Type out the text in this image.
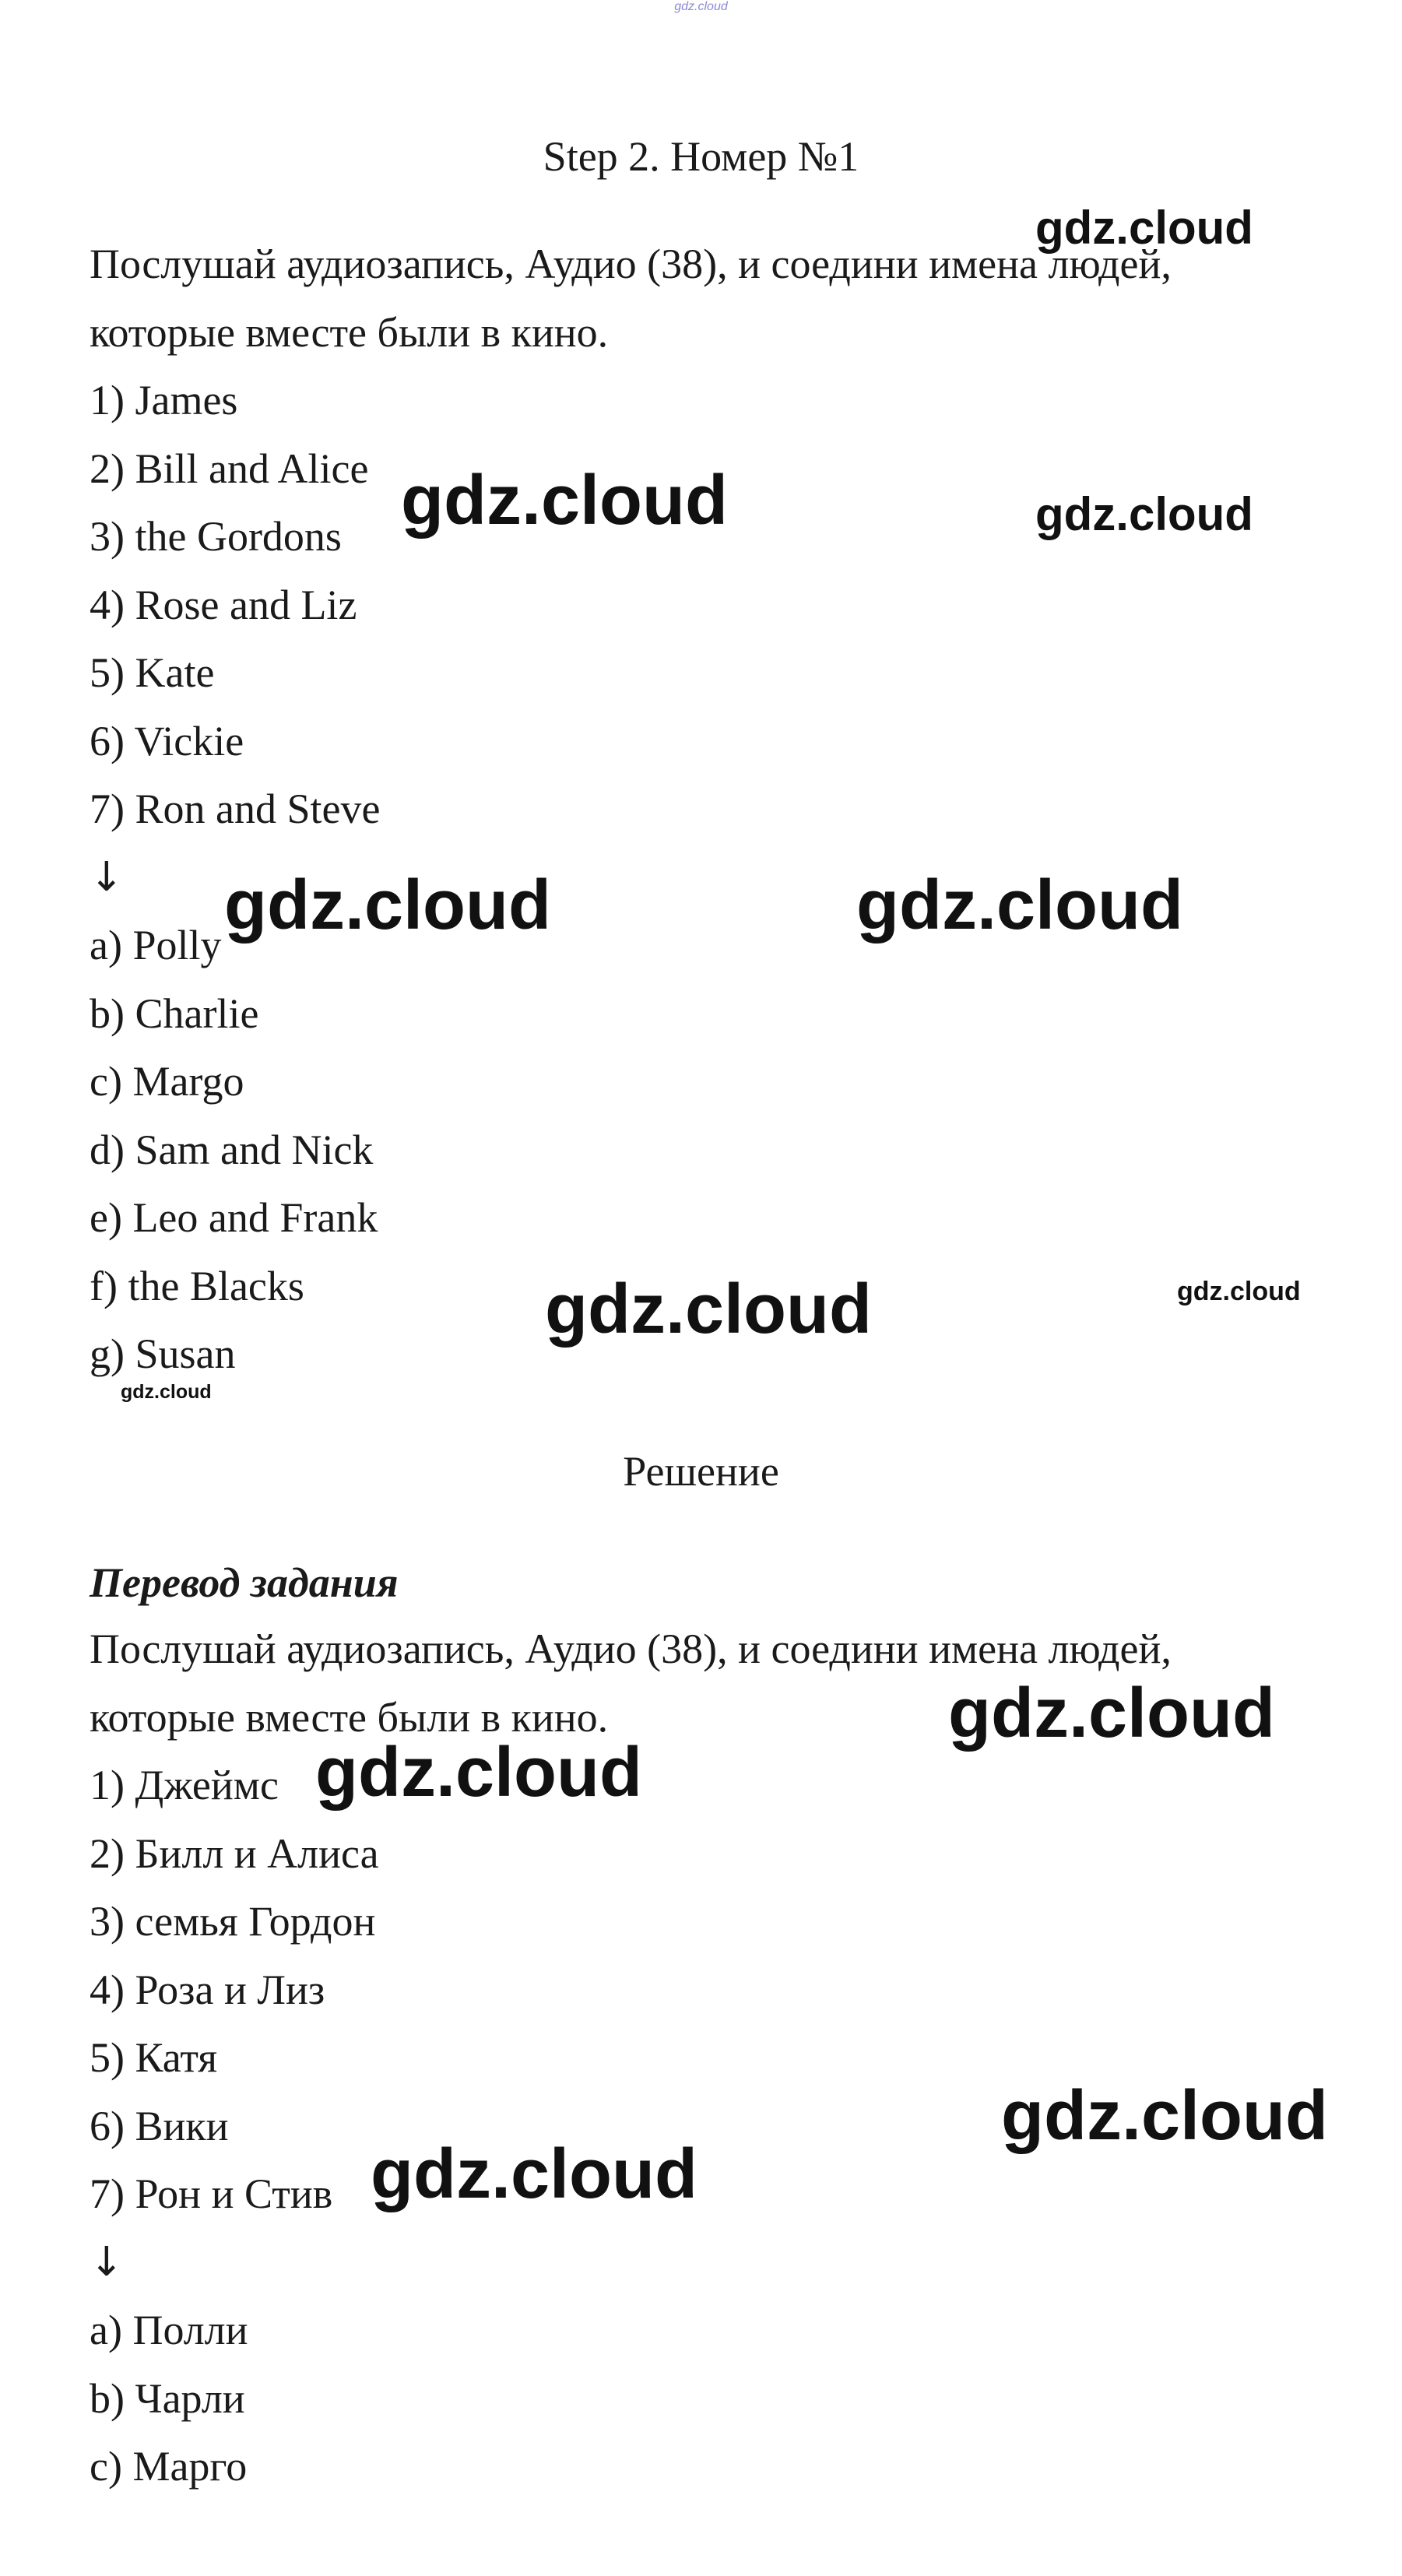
gdz.cloud
Step 2. Номер №1
Послушай аудиозапись, Аудио (38), и соедини имена людей,
которые вместе были в кино.
1) James
2) Bill and Alice
3) the Gordons
4) Rose and Liz
5) Kate
6) Vickie
7) Ron and Steve
↓
a) Polly
b) Charlie
c) Margo
d) Sam and Nick
e) Leo and Frank
f) the Blacks
g) Susan
Решение
Перевод задания
Послушай аудиозапись, Аудио (38), и соедини имена людей,
которые вместе были в кино.
1) Джеймс
2) Билл и Алиса
3) семья Гордон
4) Роза и Лиз
5) Катя
6) Вики
7) Рон и Стив
↓
a) Полли
b) Чарли
c) Марго
gdz.cloud
gdz.cloud	gdz.cloud
gdz.cloud	gdz.cloud
gdz.cloud	gdz.cloud
gdz.cloud
gdz.cloud
gdz.cloud
gdz.cloud
gdz.cloud
